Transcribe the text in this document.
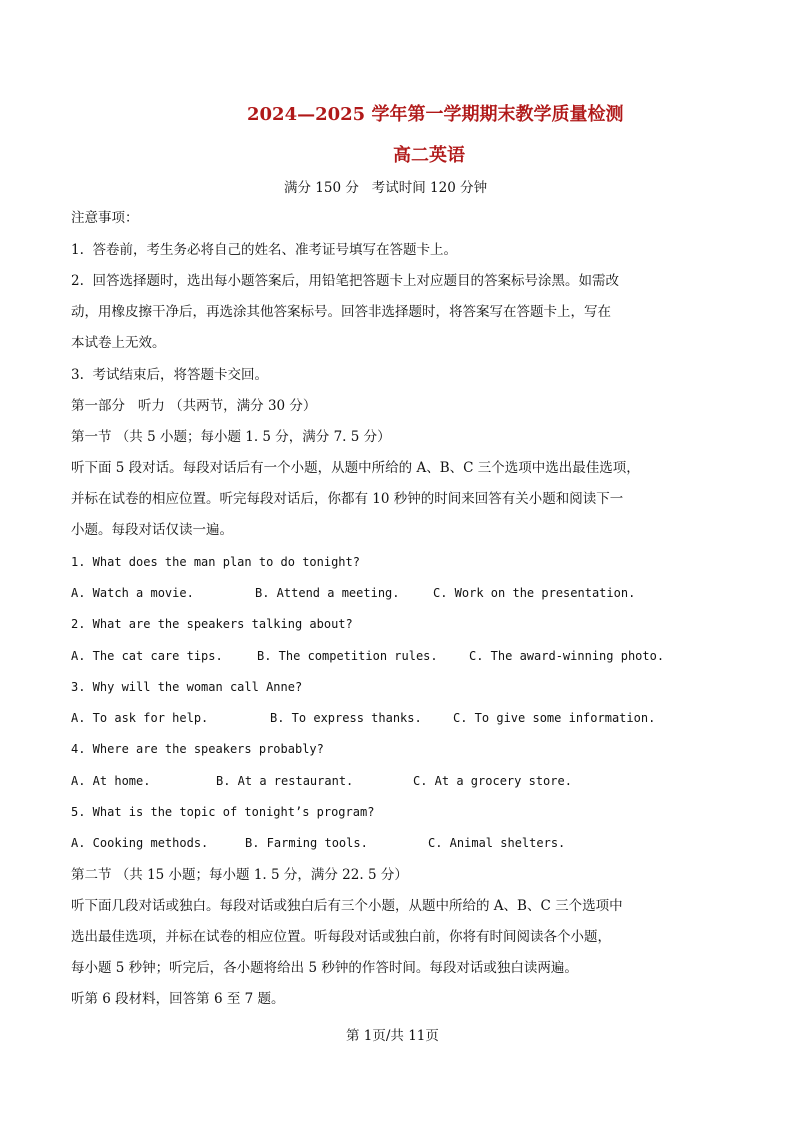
2024—2025 学年第一学期期末教学质量检测
高二英语
满分 150 分   考试时间 120 分钟
注意事项：
1.  答卷前，考生务必将自己的姓名、准考证号填写在答题卡上。
2.  回答选择题时，选出每小题答案后，用铅笔把答题卡上对应题目的答案标号涂黑。如需改
动，用橡皮擦干净后，再选涂其他答案标号。回答非选择题时，将答案写在答题卡上，写在
本试卷上无效。
3.  考试结束后，将答题卡交回。
第一部分   听力 （共两节，满分 30 分）
第一节 （共 5 小题；每小题 1. 5 分，满分 7. 5 分）
听下面 5 段对话。每段对话后有一个小题，从题中所给的 A、B、C 三个选项中选出最佳选项，
并标在试卷的相应位置。听完每段对话后，你都有 10 秒钟的时间来回答有关小题和阅读下一
小题。每段对话仅读一遍。
1. What does the man plan to do tonight?
A. Watch a movie.	B. Attend a meeting.	C. Work on the presentation.
2. What are the speakers talking about?
A. The cat care tips.	B. The competition rules.	C. The award-winning photo.
3. Why will the woman call Anne?
A. To ask for help.	B. To express thanks.	C. To give some information.
4. Where are the speakers probably?
A. At home.	B. At a restaurant.	C. At a grocery store.
5. What is the topic of tonight’s program?
A. Cooking methods.	B. Farming tools.	C. Animal shelters.
第二节 （共 15 小题；每小题 1. 5 分，满分 22. 5 分）
听下面几段对话或独白。每段对话或独白后有三个小题，从题中所给的 A、B、C 三个选项中
选出最佳选项，并标在试卷的相应位置。听每段对话或独白前，你将有时间阅读各个小题，
每小题 5 秒钟；听完后，各小题将给出 5 秒钟的作答时间。每段对话或独白读两遍。
听第 6 段材料，回答第 6 至 7 题。
第 1页/共 11页
